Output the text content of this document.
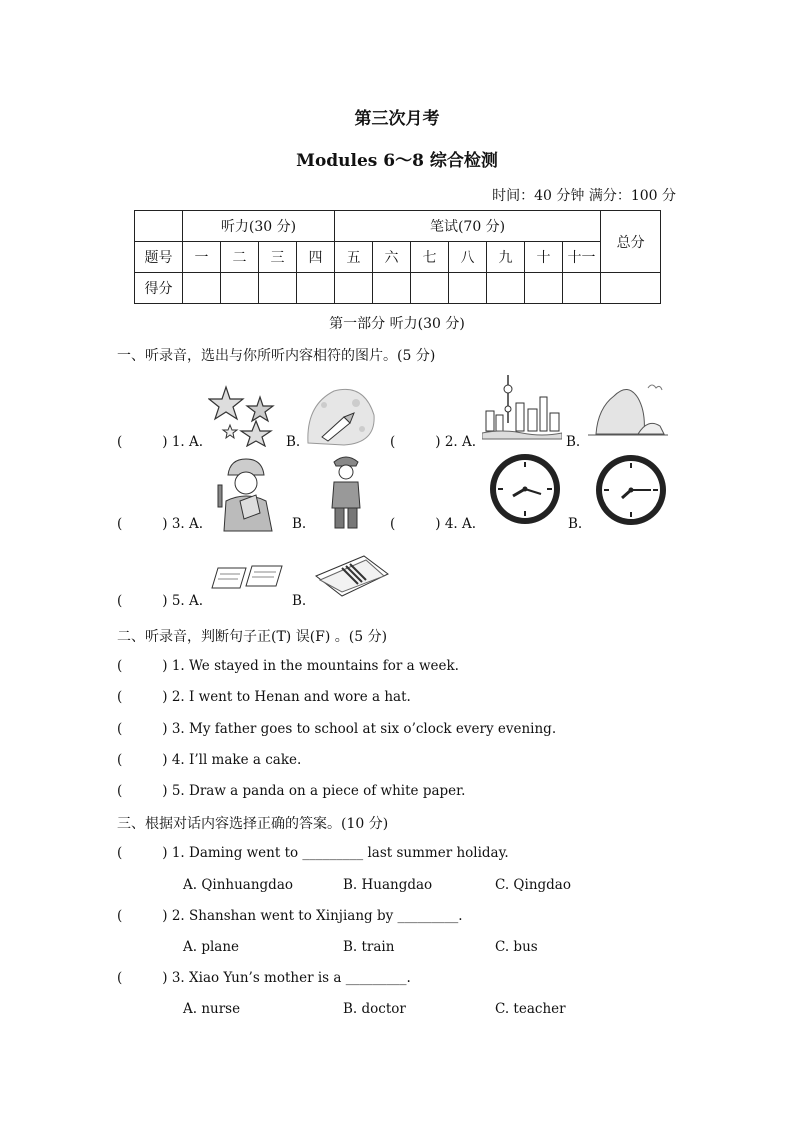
第三次月考
Modules 6～8 综合检测
时间：40 分钟 满分：100 分
	听力(30 分)				笔试(70 分)							总分
题号	一	二	三	四	五	六	七	八	九	十	十一	
得分												
第一部分 听力(30 分)
一、听录音，选出与你所听内容相符的图片。(5 分)
(	) 1. A.	B.	(	) 2. A.	B.
(	) 3. A.	B.	(	) 4. A.	B.
(	) 5. A.	B.
二、听录音，判断句子正(T) 误(F) 。(5 分)
(	) 1. We stayed in the mountains for a week.
(	) 2. I went to Henan and wore a hat.
(	) 3. My father goes to school at six o’clock every evening.
(	) 4. I’ll make a cake.
(	) 5. Draw a panda on a piece of white paper.
三、根据对话内容选择正确的答案。(10 分)
(	) 1. Daming went to _________ last summer holiday.
A. Qinhuangdao	B. Huangdao	C. Qingdao
(	) 2. Shanshan went to Xinjiang by _________.
A. plane	B. train	C. bus
(	) 3. Xiao Yun’s mother is a _________.
A. nurse	B. doctor	C. teacher
